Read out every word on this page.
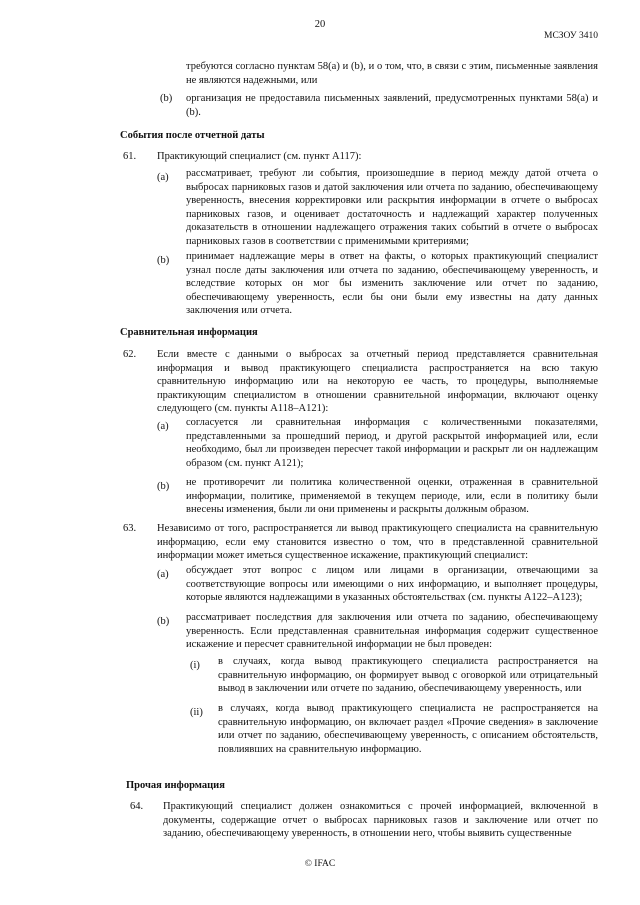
20
МСЗОУ 3410
требуются согласно пунктам 58(a) и (b), и о том, что, в связи с этим, письменные заявления не являются надежными, или
(b) организация не предоставила письменных заявлений, предусмотренных пунктами 58(a) и (b).
События после отчетной даты
61. Практикующий специалист (см. пункт A117):
(a) рассматривает, требуют ли события, произошедшие в период между датой отчета о выбросах парниковых газов и датой заключения или отчета по заданию, обеспечивающему уверенность, внесения корректировки или раскрытия информации в отчете о выбросах парниковых газов, и оценивает достаточность и надлежащий характер полученных доказательств в отношении надлежащего отражения таких событий в отчете о выбросах парниковых газов в соответствии с применимыми критериями;
(b) принимает надлежащие меры в ответ на факты, о которых практикующий специалист узнал после даты заключения или отчета по заданию, обеспечивающему уверенность, и вследствие которых он мог бы изменить заключение или отчет по заданию, обеспечивающему уверенность, если бы они были ему известны на дату данных заключения или отчета.
Сравнительная информация
62. Если вместе с данными о выбросах за отчетный период представляется сравнительная информация и вывод практикующего специалиста распространяется на всю такую сравнительную информацию или на некоторую ее часть, то процедуры, выполняемые практикующим специалистом в отношении сравнительной информации, включают оценку следующего (см. пункты A118–A121):
(a) согласуется ли сравнительная информация с количественными показателями, представленными за прошедший период, и другой раскрытой информацией или, если необходимо, был ли произведен пересчет такой информации и раскрыт ли он надлежащим образом (см. пункт A121);
(b) не противоречит ли политика количественной оценки, отраженная в сравнительной информации, политике, применяемой в текущем периоде, или, если в политику были внесены изменения, были ли они применены и раскрыты должным образом.
63. Независимо от того, распространяется ли вывод практикующего специалиста на сравнительную информацию, если ему становится известно о том, что в представленной сравнительной информации может иметься существенное искажение, практикующий специалист:
(a) обсуждает этот вопрос с лицом или лицами в организации, отвечающими за соответствующие вопросы или имеющими о них информацию, и выполняет процедуры, которые являются надлежащими в указанных обстоятельствах (см. пункты A122–A123);
(b) рассматривает последствия для заключения или отчета по заданию, обеспечивающему уверенность. Если представленная сравнительная информация содержит существенное искажение и пересчет сравнительной информации не был проведен:
(i) в случаях, когда вывод практикующего специалиста распространяется на сравнительную информацию, он формирует вывод с оговоркой или отрицательный вывод в заключении или отчете по заданию, обеспечивающему уверенность, или
(ii) в случаях, когда вывод практикующего специалиста не распространяется на сравнительную информацию, он включает раздел «Прочие сведения» в заключение или отчет по заданию, обеспечивающему уверенность, с описанием обстоятельств, повлиявших на сравнительную информацию.
Прочая информация
64. Практикующий специалист должен ознакомиться с прочей информацией, включенной в документы, содержащие отчет о выбросах парниковых газов и заключение или отчет по заданию, обеспечивающему уверенность, в отношении него, чтобы выявить существенные
© IFAC
